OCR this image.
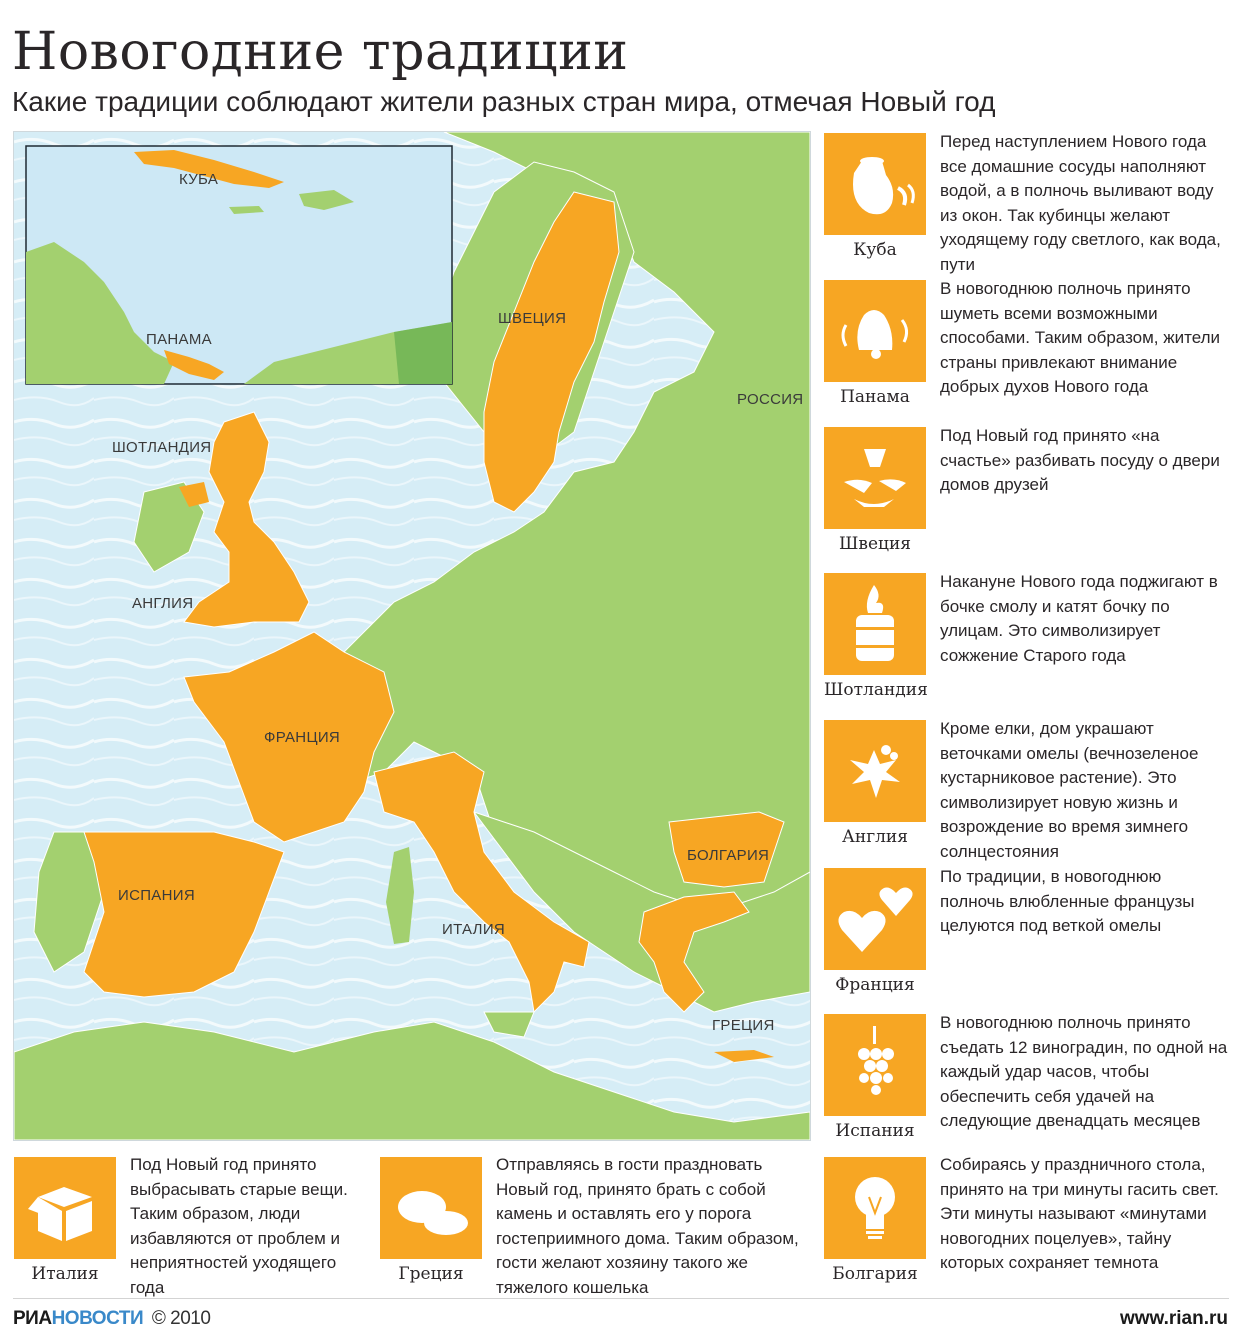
Новогодние традиции

Какие традиции соблюдают жители разных стран мира, отмечая Новый год

КУБА
ПАНАМА
ШВЕЦИЯ
РОССИЯ
ШОТЛАНДИЯ
АНГЛИЯ
ФРАНЦИЯ
ИСПАНИЯ
ИТАЛИЯ
БОЛГАРИЯ
ГРЕЦИЯ
Куба

Перед наступлением Нового года все домашние сосуды наполняют водой, а в полночь выливают воду из окон. Так кубинцы желают уходящему году светлого, как вода, пути

Панама

В новогоднюю полночь принято шуметь всеми возможными способами. Таким образом, жители страны привлекают внимание добрых духов Нового года

Швеция

Под Новый год принято «на счастье» разбивать посуду о двери домов друзей

Шотландия

Накануне Нового года поджигают в бочке смолу и катят бочку по улицам. Это символизирует сожжение Старого года

Англия

Кроме елки, дом украшают веточками омелы (вечнозеленое кустарниковое растение). Это символизирует новую жизнь и возрождение во время зимнего солнцестояния

Франция

По традиции, в новогоднюю полночь влюбленные французы целуются под веткой омелы

Испания

В новогоднюю полночь принято съедать 12 виноградин, по одной на каждый удар часов, чтобы обеспечить себя удачей на следующие двенадцать месяцев

Италия

Под Новый год принято выбрасывать старые вещи. Таким образом, люди избавляются от проблем и неприятностей уходящего года

Греция

Отправляясь в гости праздновать Новый год, принято брать с собой камень и оставлять его у порога гостеприимного дома. Таким образом, гости желают хозяину такого же тяжелого кошелька

Болгария

Собираясь у праздничного стола, принято на три минуты гасить свет. Эти минуты называют «минутами новогодних поцелуев», тайну которых сохраняет темнота

РИАНОВОСТИ © 2010	www.rian.ru
